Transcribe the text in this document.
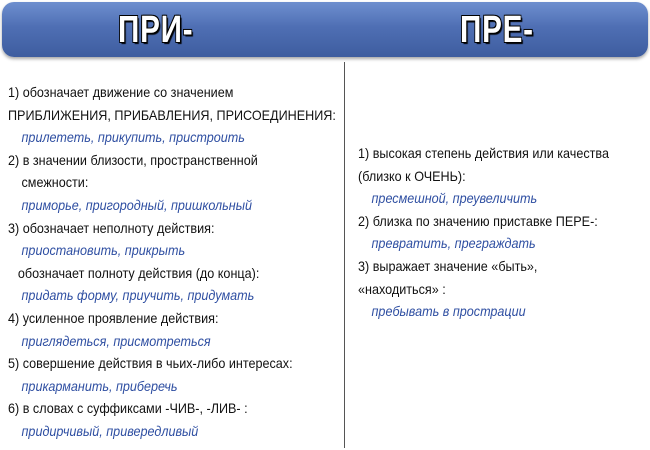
ПРИ-	ПРЕ-
1) обозначает движение со значением
ПРИБЛИЖЕНИЯ, ПРИБАВЛЕНИЯ, ПРИСОЕДИНЕНИЯ:
прилететь, прикупить, пристроить
2) в значении близости, пространственной
смежности:
приморье, пригородный, пришкольный
3) обозначает неполноту действия:
приостановить, прикрыть
обозначает полноту действия (до конца):
придать форму, приучить, придумать
4) усиленное проявление действия:
приглядеться, присмотреться
5) совершение действия в чьих-либо интересах:
прикарманить, приберечь
6) в словах с суффиксами -ЧИВ-, -ЛИВ- :
придирчивый, привередливый
1) высокая степень действия или качества
(близко к ОЧЕНЬ):
пресмешной, преувеличить
2) близка по значению приставке ПЕРЕ-:
превратить, преграждать
3) выражает значение «быть»,
«находиться» :
пребывать в прострации
